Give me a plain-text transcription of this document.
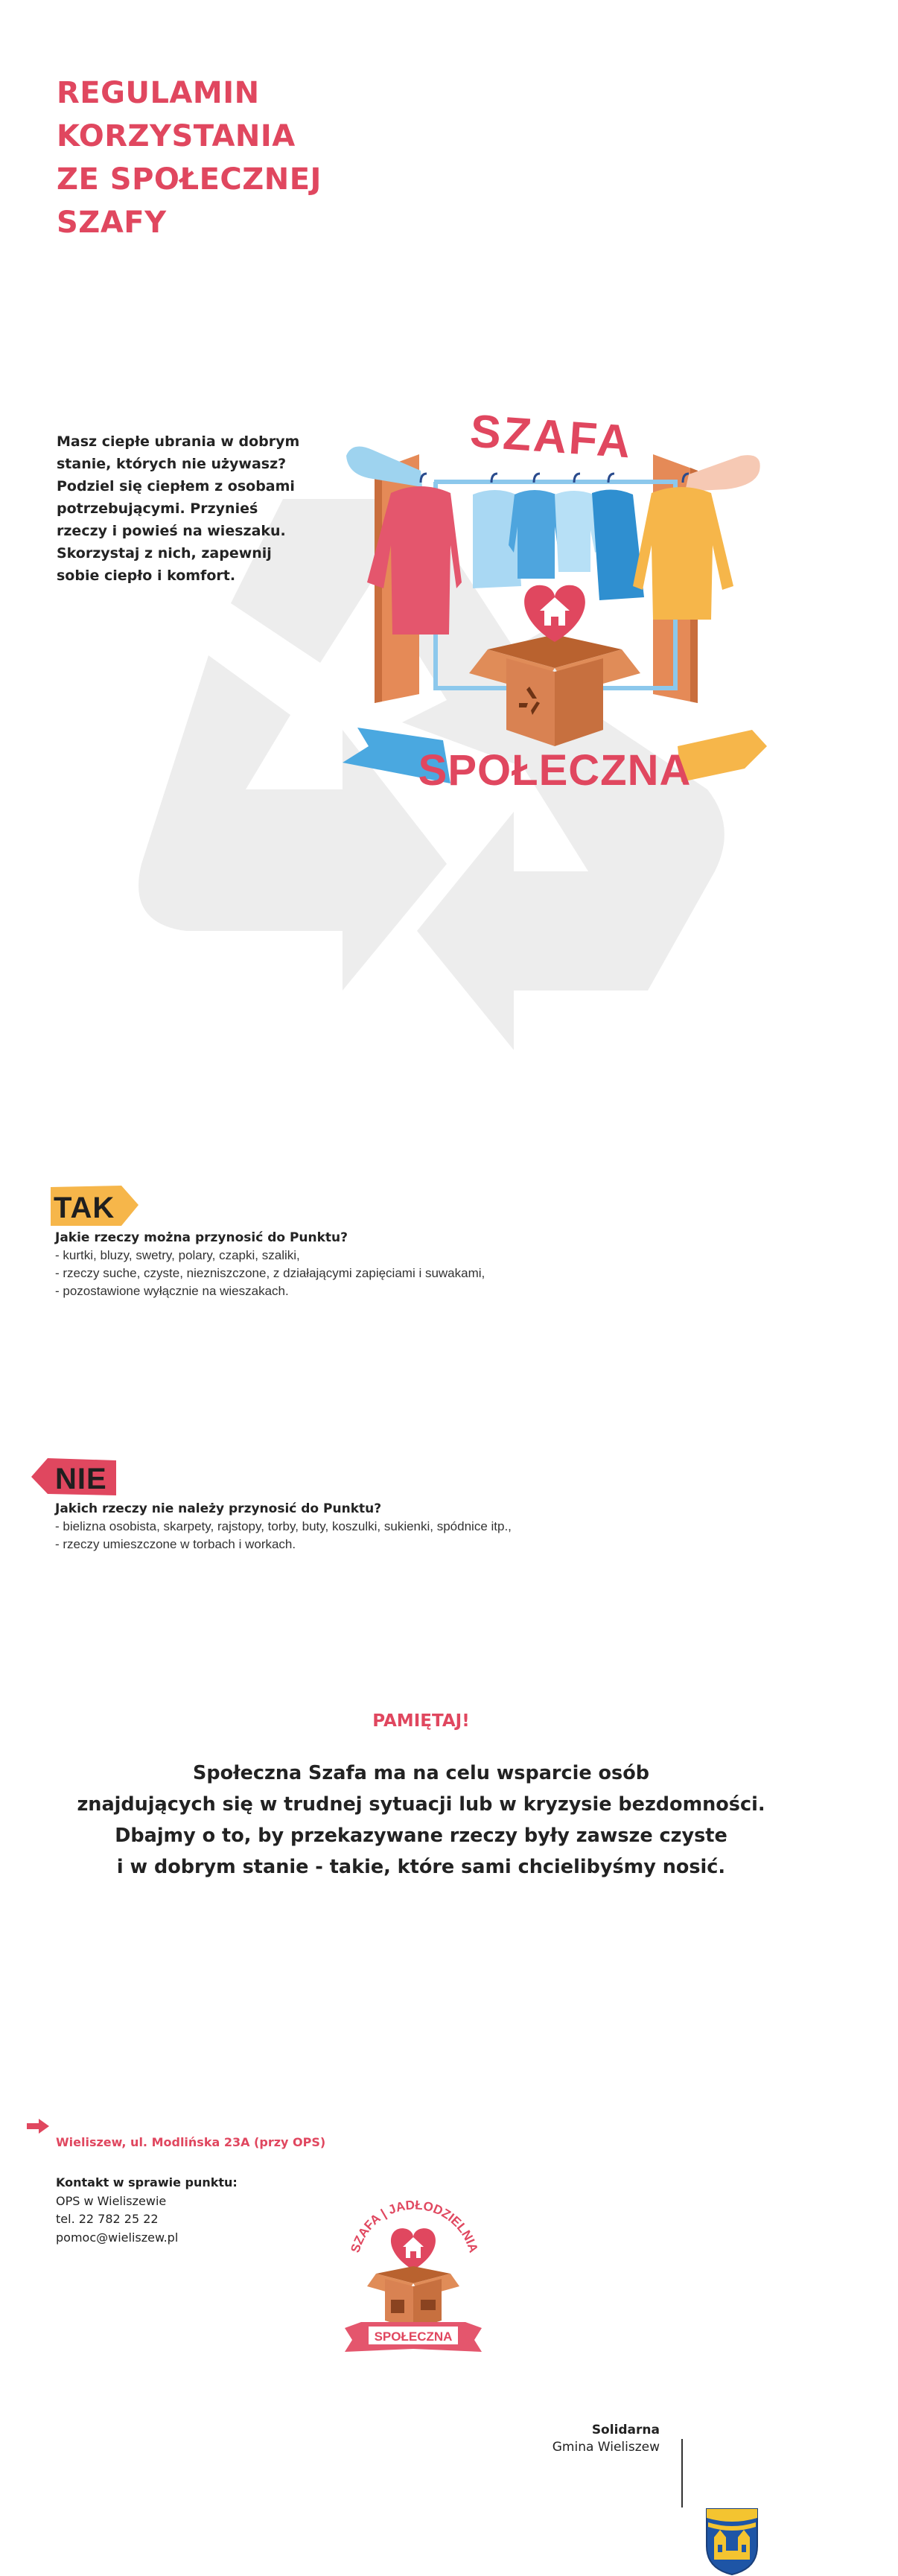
REGULAMIN
KORZYSTANIA
ZE SPOŁECZNEJ
SZAFY

Masz ciepłe ubrania w dobrym
stanie, których nie używasz?
Podziel się ciepłem z osobami
potrzebującymi. Przynieś
rzeczy i powieś na wieszaku.
Skorzystaj z nich, zapewnij
sobie ciepło i komfort.

SZAFA
SPOŁECZNA
TAK

Jakie rzeczy można przynosić do Punktu?

- kurtki, bluzy, swetry, polary, czapki, szaliki,
- rzeczy suche, czyste, niezniszczone, z działającymi zapięciami i suwakami,
- pozostawione wyłącznie na wieszakach.
NIE

Jakich rzeczy nie należy przynosić do Punktu?

- bielizna osobista, skarpety, rajstopy, torby, buty, koszulki, sukienki, spódnice itp.,
- rzeczy umieszczone w torbach i workach.
PAMIĘTAJ!
Społeczna Szafa ma na celu wsparcie osób
znajdujących się w trudnej sytuacji lub w kryzysie bezdomności.
Dbajmy o to, by przekazywane rzeczy były zawsze czyste
i w dobrym stanie - takie, które sami chcielibyśmy nosić.
Wieliszew, ul. Modlińska 23A (przy OPS)
Kontakt w sprawie punktu:
OPS w Wieliszewie
tel. 22 782 25 22
pomoc@wieliszew.pl
SZAFA | JADŁODZIELNIA
SPOŁECZNA
Solidarna
Gmina Wieliszew
